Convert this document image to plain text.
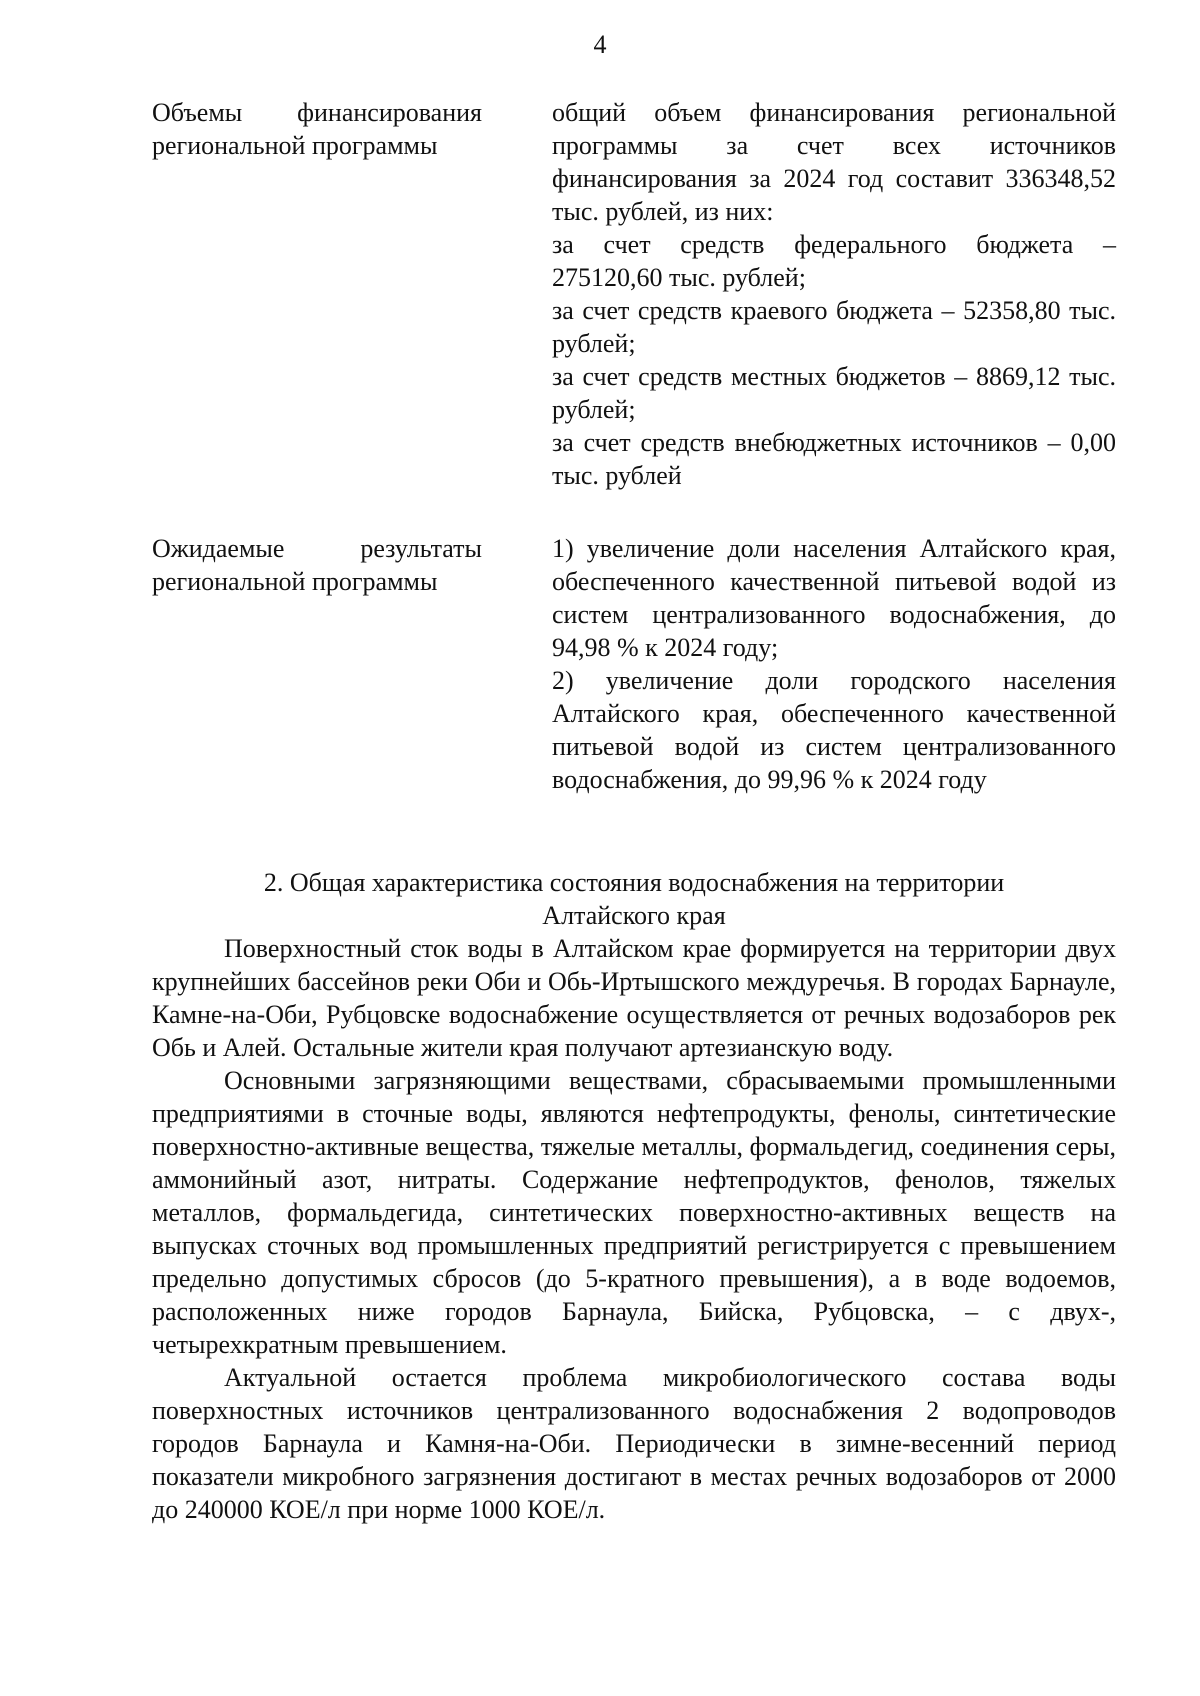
4
Объемы финансирования
региональной программы

общий объем финансирования региональной программы за счет всех источников финансирования за 2024 год составит 336348,52 тыс. рублей, из них:

за счет средств федерального бюджета – 275120,60 тыс. рублей;

за счет средств краевого бюджета – 52358,80 тыс. рублей;

за счет средств местных бюджетов – 8869,12 тыс. рублей;

за счет средств внебюджетных источников – 0,00 тыс. рублей

Ожидаемые	результаты
региональной программы

1) увеличение доли населения Алтайского края, обеспеченного качественной питьевой водой из систем централизованного водоснабжения, до 94,98 % к 2024 году;

2) увеличение доли городского населения Алтайского края, обеспеченного качественной питьевой водой из систем централизованного водоснабжения, до 99,96 % к 2024 году

2. Общая характеристика состояния водоснабжения на территории
Алтайского края

Поверхностный сток воды в Алтайском крае формируется на территории двух крупнейших бассейнов реки Оби и Обь-Иртышского междуречья. В городах Барнауле, Камне-на-Оби, Рубцовске водоснабжение осуществляется от речных водозаборов рек Обь и Алей. Остальные жители края получают артезианскую воду.

Основными загрязняющими веществами, сбрасываемыми промышленными предприятиями в сточные воды, являются нефтепродукты, фенолы, синтетические поверхностно-активные вещества, тяжелые металлы, формальдегид, соединения серы, аммонийный азот, нитраты. Содержание нефтепродуктов, фенолов, тяжелых металлов, формальдегида, синтетических поверхностно-активных веществ на выпусках сточных вод промышленных предприятий регистрируется с превышением предельно допустимых сбросов (до 5-кратного превышения), а в воде водоемов, расположенных ниже городов Барнаула, Бийска, Рубцовска, – с двух-, четырехкратным превышением.

Актуальной остается проблема микробиологического состава воды поверхностных источников централизованного водоснабжения 2 водопроводов городов Барнаула и Камня-на-Оби. Периодически в зимне-весенний период показатели микробного загрязнения достигают в местах речных водозаборов от 2000 до 240000 КОЕ/л при норме 1000 КОЕ/л.
